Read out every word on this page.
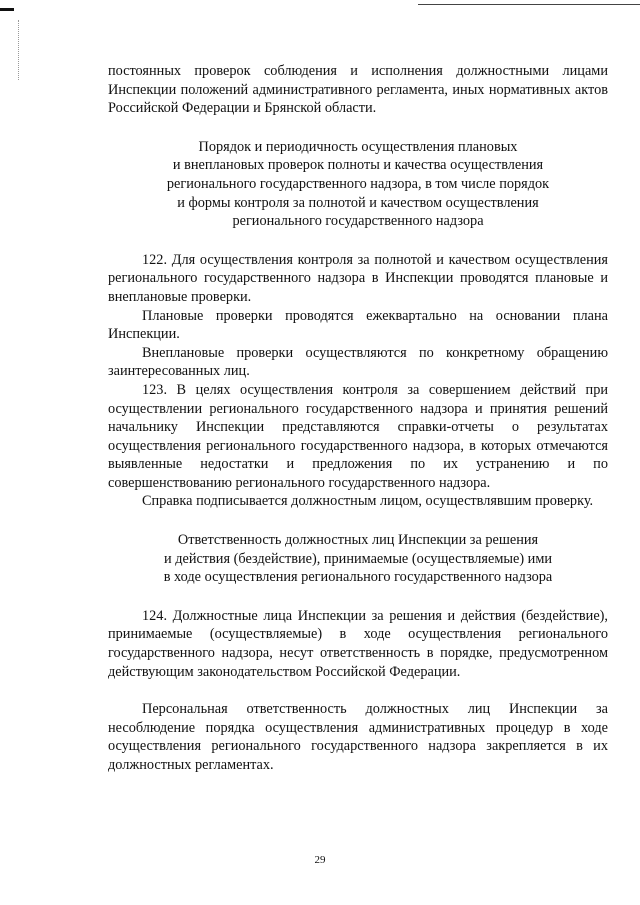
постоянных проверок соблюдения и исполнения должностными лицами Инспекции положений административного регламента, иных нормативных актов Российской Федерации и Брянской области.

Порядок и периодичность осуществления плановых

и внеплановых проверок полноты и качества осуществления

регионального государственного надзора, в том числе порядок

и формы контроля за полнотой и качеством осуществления

регионального государственного надзора

122. Для осуществления контроля за полнотой и качеством осуществления регионального государственного надзора в Инспекции проводятся плановые и внеплановые проверки.

Плановые проверки проводятся ежеквартально на основании плана Инспекции.

Внеплановые проверки осуществляются по конкретному обращению заинтересованных лиц.

123. В целях осуществления контроля за совершением действий при осуществлении регионального государственного надзора и принятия решений начальнику Инспекции представляются справки-отчеты о результатах осуществления регионального государственного надзора, в которых отмечаются выявленные недостатки и предложения по их устранению и по совершенствованию регионального государственного надзора.

Справка подписывается должностным лицом, осуществлявшим проверку.

Ответственность должностных лиц Инспекции за решения

и действия (бездействие), принимаемые (осуществляемые) ими

в ходе осуществления регионального государственного надзора

124. Должностные лица Инспекции за решения и действия (бездействие), принимаемые (осуществляемые) в ходе осуществления регионального государственного надзора, несут ответственность в порядке, предусмотренном действующим законодательством Российской Федерации.

Персональная ответственность должностных лиц Инспекции за несоблюдение порядка осуществления административных процедур в ходе осуществления регионального государственного надзора закрепляется в их должностных регламентах.

29
